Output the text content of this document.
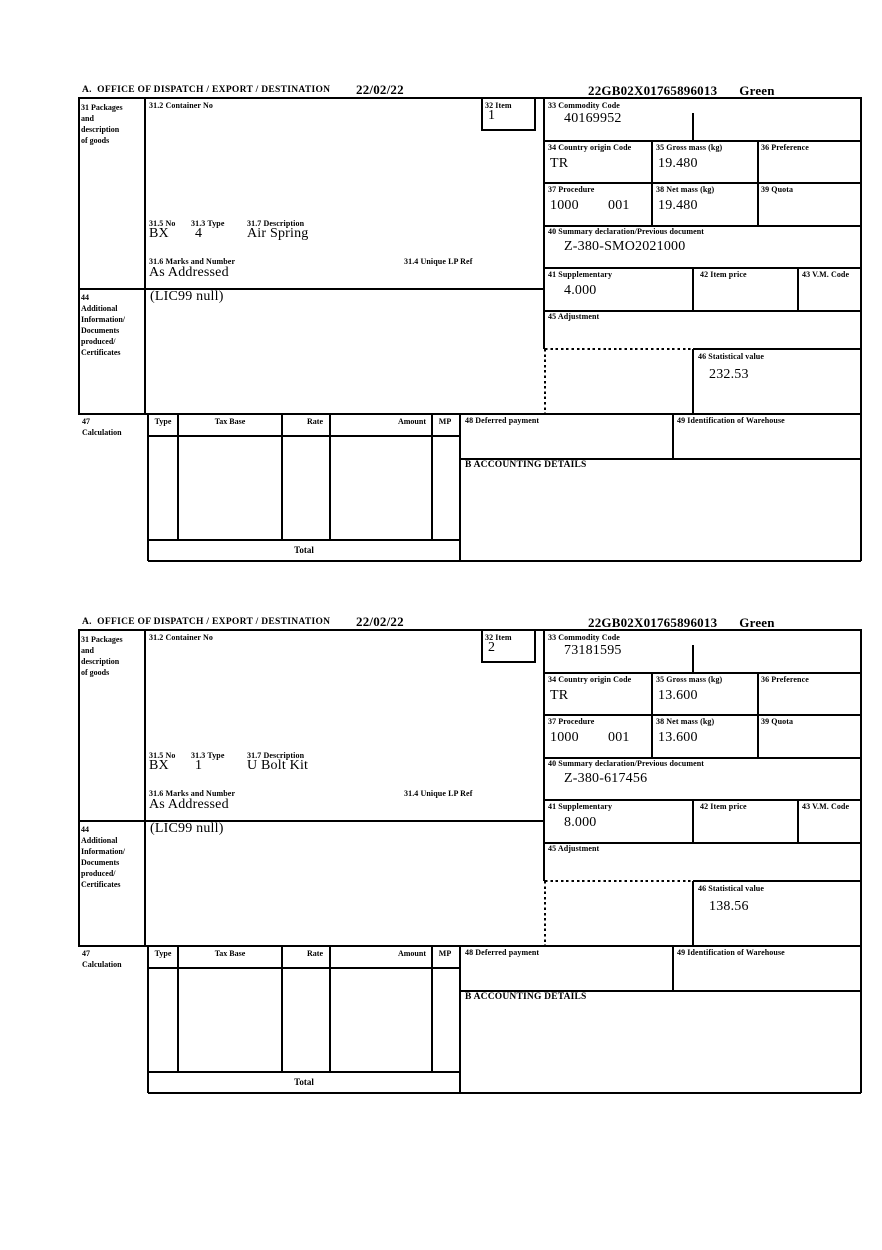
A.  OFFICE OF DISPATCH / EXPORT / DESTINATION 22/02/22	22GB02X01765896013 Green
31 Packages
and
description
of goods
31.2 Container No	32 Item
1
33 Commodity Code
40169952
34 Country origin Code
TR
35 Gross mass (kg)
19.480
36 Preference
37 Procedure
1000 001
38 Net mass (kg)
19.480
39 Quota
40 Summary declaration/Previous document
Z-380-SMO2021000
41 Supplementary
4.000
42 Item price	43 V.M. Code
45 Adjustment
46 Statistical value
232.53
31.5 No 31.3 Type	31.7 Description
BX 4	Air Spring
31.6 Marks and Number	31.4 Unique LP Ref
As Addressed
44
Additional
Information/
Documents
produced/
Certificates
(LIC99 null)
47
Calculation
Type	Tax Base	Rate	Amount	MP	48 Deferred payment	49 Identification of Warehouse
B ACCOUNTING DETAILS
Total
A.  OFFICE OF DISPATCH / EXPORT / DESTINATION 22/02/22	22GB02X01765896013 Green
31 Packages
and
description
of goods
31.2 Container No	32 Item
2
33 Commodity Code
73181595
34 Country origin Code
TR
35 Gross mass (kg)
13.600
36 Preference
37 Procedure
1000 001
38 Net mass (kg)
13.600
39 Quota
40 Summary declaration/Previous document
Z-380-617456
41 Supplementary
8.000
42 Item price	43 V.M. Code
45 Adjustment
46 Statistical value
138.56
31.5 No 31.3 Type	31.7 Description
BX 1	U Bolt Kit
31.6 Marks and Number	31.4 Unique LP Ref
As Addressed
44
Additional
Information/
Documents
produced/
Certificates
(LIC99 null)
47
Calculation
Type	Tax Base	Rate	Amount	MP	48 Deferred payment	49 Identification of Warehouse
B ACCOUNTING DETAILS
Total
